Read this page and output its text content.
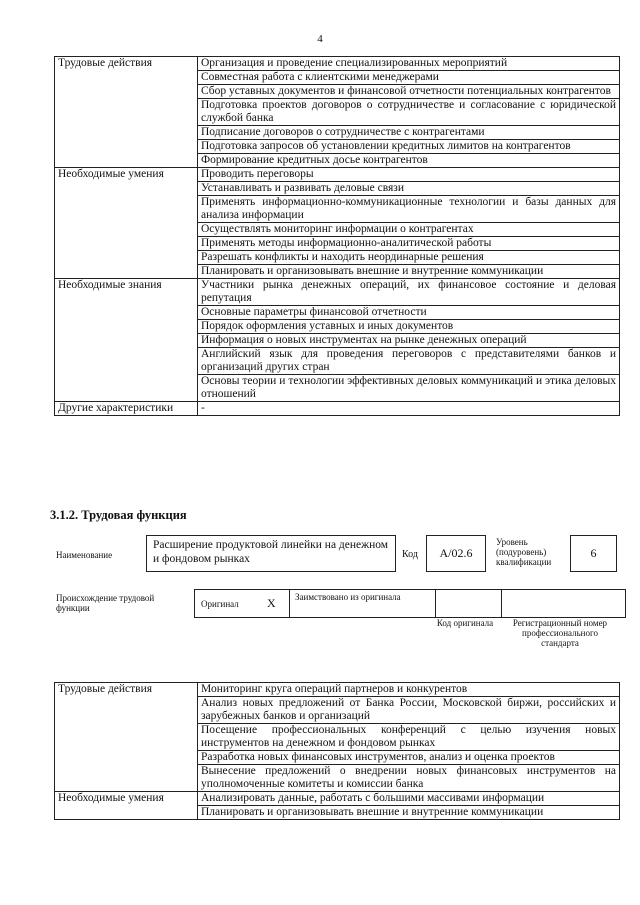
4
Трудовые действия	Организация и проведение специализированных мероприятий
	Совместная работа с клиентскими менеджерами
	Сбор уставных документов и финансовой отчетности потенциальных контрагентов
	Подготовка проектов договоров о сотрудничестве и согласование с юридической службой банка
	Подписание договоров о сотрудничестве с контрагентами
	Подготовка запросов об установлении кредитных лимитов на контрагентов
	Формирование кредитных досье контрагентов
Необходимые умения	Проводить переговоры
	Устанавливать и развивать деловые связи
	Применять информационно-коммуникационные технологии и базы данных для анализа информации
	Осуществлять мониторинг информации о контрагентах
	Применять методы информационно-аналитической работы
	Разрешать конфликты и находить неординарные решения
	Планировать и организовывать внешние и внутренние коммуникации
Необходимые знания	Участники рынка денежных операций, их финансовое состояние и деловая репутация
	Основные параметры финансовой отчетности
	Порядок оформления уставных и иных документов
	Информация о новых инструментах на рынке денежных операций
	Английский язык для проведения переговоров с представителями банков и организаций других стран
	Основы теории и технологии эффективных деловых коммуникаций и этика деловых отношений
Другие характеристики	-
3.1.2. Трудовая функция
Наименование
Расширение продуктовой линейки на денежном и фондовом рынках	Код	А/02.6
Уровень (подуровень) квалификации
6
Происхождение трудовой функции	Оригинал X Заимствовано из оригинала
Код оригинала	Регистрационный номер профессионального стандарта
Трудовые действия	Мониторинг круга операций партнеров и конкурентов
	Анализ новых предложений от Банка России, Московской биржи, российских и зарубежных банков и организаций
	Посещение профессиональных конференций с целью изучения новых инструментов на денежном и фондовом рынках
	Разработка новых финансовых инструментов, анализ и оценка проектов
	Вынесение предложений о внедрении новых финансовых инструментов на уполномоченные комитеты и комиссии банка
Необходимые умения	Анализировать данные, работать с большими массивами информации
	Планировать и организовывать внешние и внутренние коммуникации
